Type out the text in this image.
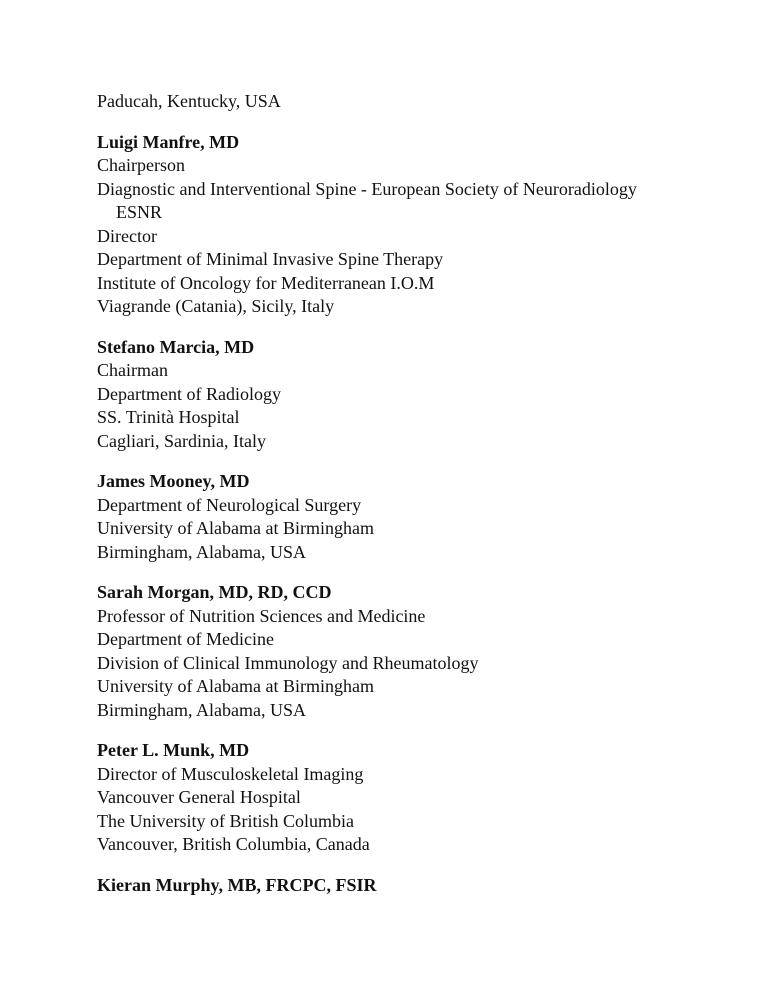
Paducah, Kentucky, USA
Luigi Manfre, MD
Chairperson
Diagnostic and Interventional Spine - European Society of Neuroradiology
ESNR
Director
Department of Minimal Invasive Spine Therapy
Institute of Oncology for Mediterranean I.O.M
Viagrande (Catania), Sicily, Italy
Stefano Marcia, MD
Chairman
Department of Radiology
SS. Trinità Hospital
Cagliari, Sardinia, Italy
James Mooney, MD
Department of Neurological Surgery
University of Alabama at Birmingham
Birmingham, Alabama, USA
Sarah Morgan, MD, RD, CCD
Professor of Nutrition Sciences and Medicine
Department of Medicine
Division of Clinical Immunology and Rheumatology
University of Alabama at Birmingham
Birmingham, Alabama, USA
Peter L. Munk, MD
Director of Musculoskeletal Imaging
Vancouver General Hospital
The University of British Columbia
Vancouver, British Columbia, Canada
Kieran Murphy, MB, FRCPC, FSIR
